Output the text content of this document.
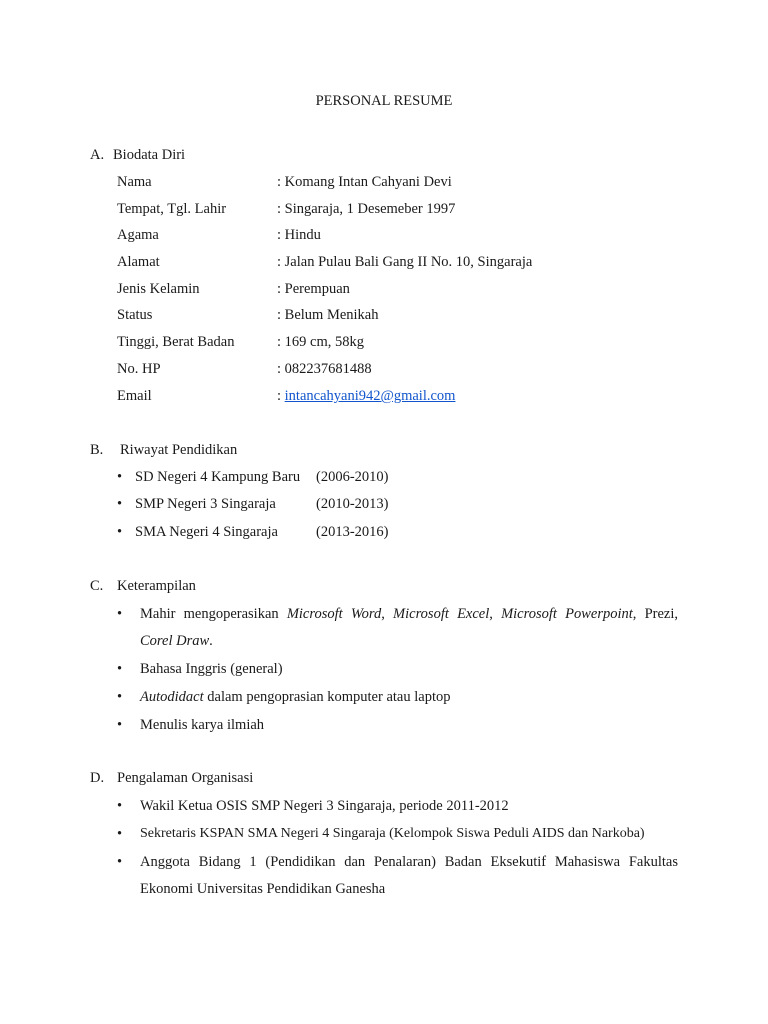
PERSONAL RESUME
A. Biodata Diri
Nama	: Komang Intan Cahyani Devi
Tempat, Tgl. Lahir	: Singaraja, 1 Desemeber 1997
Agama	: Hindu
Alamat	: Jalan Pulau Bali Gang II No. 10, Singaraja
Jenis Kelamin	: Perempuan
Status	: Belum Menikah
Tinggi, Berat Badan	: 169 cm, 58kg
No. HP	: 082237681488
Email	: intancahyani942@gmail.com
B. Riwayat Pendidikan
• SD Negeri 4 Kampung Baru (2006-2010)
• SMP Negeri 3 Singaraja	(2010-2013)
• SMA Negeri 4 Singaraja	(2013-2016)
C. Keterampilan
• Mahir mengoperasikan Microsoft Word, Microsoft Excel, Microsoft Powerpoint, Prezi,
Corel Draw.
• Bahasa Inggris (general)
• Autodidact dalam pengoprasian komputer atau laptop
• Menulis karya ilmiah
D. Pengalaman Organisasi
• Wakil Ketua OSIS SMP Negeri 3 Singaraja, periode 2011-2012
• Sekretaris KSPAN SMA Negeri 4 Singaraja (Kelompok Siswa Peduli AIDS dan Narkoba)
• Anggota Bidang 1 (Pendidikan dan Penalaran) Badan Eksekutif Mahasiswa Fakultas
Ekonomi Universitas Pendidikan Ganesha
